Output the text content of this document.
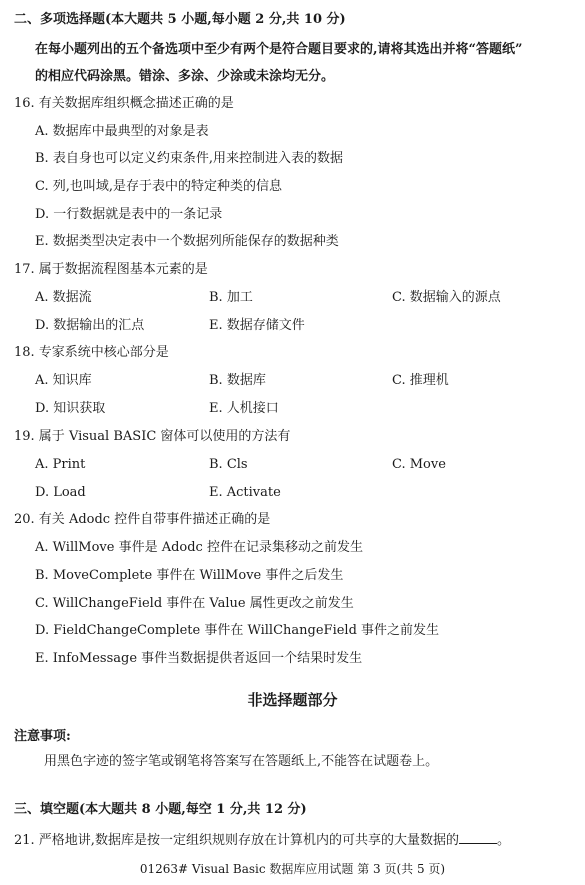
二、多项选择题(本大题共 5 小题,每小题 2 分,共 10 分)
在每小题列出的五个备选项中至少有两个是符合题目要求的,请将其选出并将“答题纸”
的相应代码涂黑。错涂、多涂、少涂或未涂均无分。
16. 有关数据库组织概念描述正确的是
A. 数据库中最典型的对象是表
B. 表自身也可以定义约束条件,用来控制进入表的数据
C. 列,也叫域,是存于表中的特定种类的信息
D. 一行数据就是表中的一条记录
E. 数据类型决定表中一个数据列所能保存的数据种类
17. 属于数据流程图基本元素的是
A. 数据流	B. 加工	C. 数据输入的源点
D. 数据输出的汇点	E. 数据存储文件
18. 专家系统中核心部分是
A. 知识库	B. 数据库	C. 推理机
D. 知识获取	E. 人机接口
19. 属于 Visual BASIC 窗体可以使用的方法有
A. Print	B. Cls	C. Move
D. Load	E. Activate
20. 有关 Adodc 控件自带事件描述正确的是
A. WillMove 事件是 Adodc 控件在记录集移动之前发生
B. MoveComplete 事件在 WillMove 事件之后发生
C. WillChangeField 事件在 Value 属性更改之前发生
D. FieldChangeComplete 事件在 WillChangeField 事件之前发生
E. InfoMessage 事件当数据提供者返回一个结果时发生
非选择题部分
注意事项:
用黑色字迹的签字笔或钢笔将答案写在答题纸上,不能答在试题卷上。
三、填空题(本大题共 8 小题,每空 1 分,共 12 分)
21. 严格地讲,数据库是按一定组织规则存放在计算机内的可共享的大量数据的	。
01263# Visual Basic 数据库应用试题 第 3 页(共 5 页)
